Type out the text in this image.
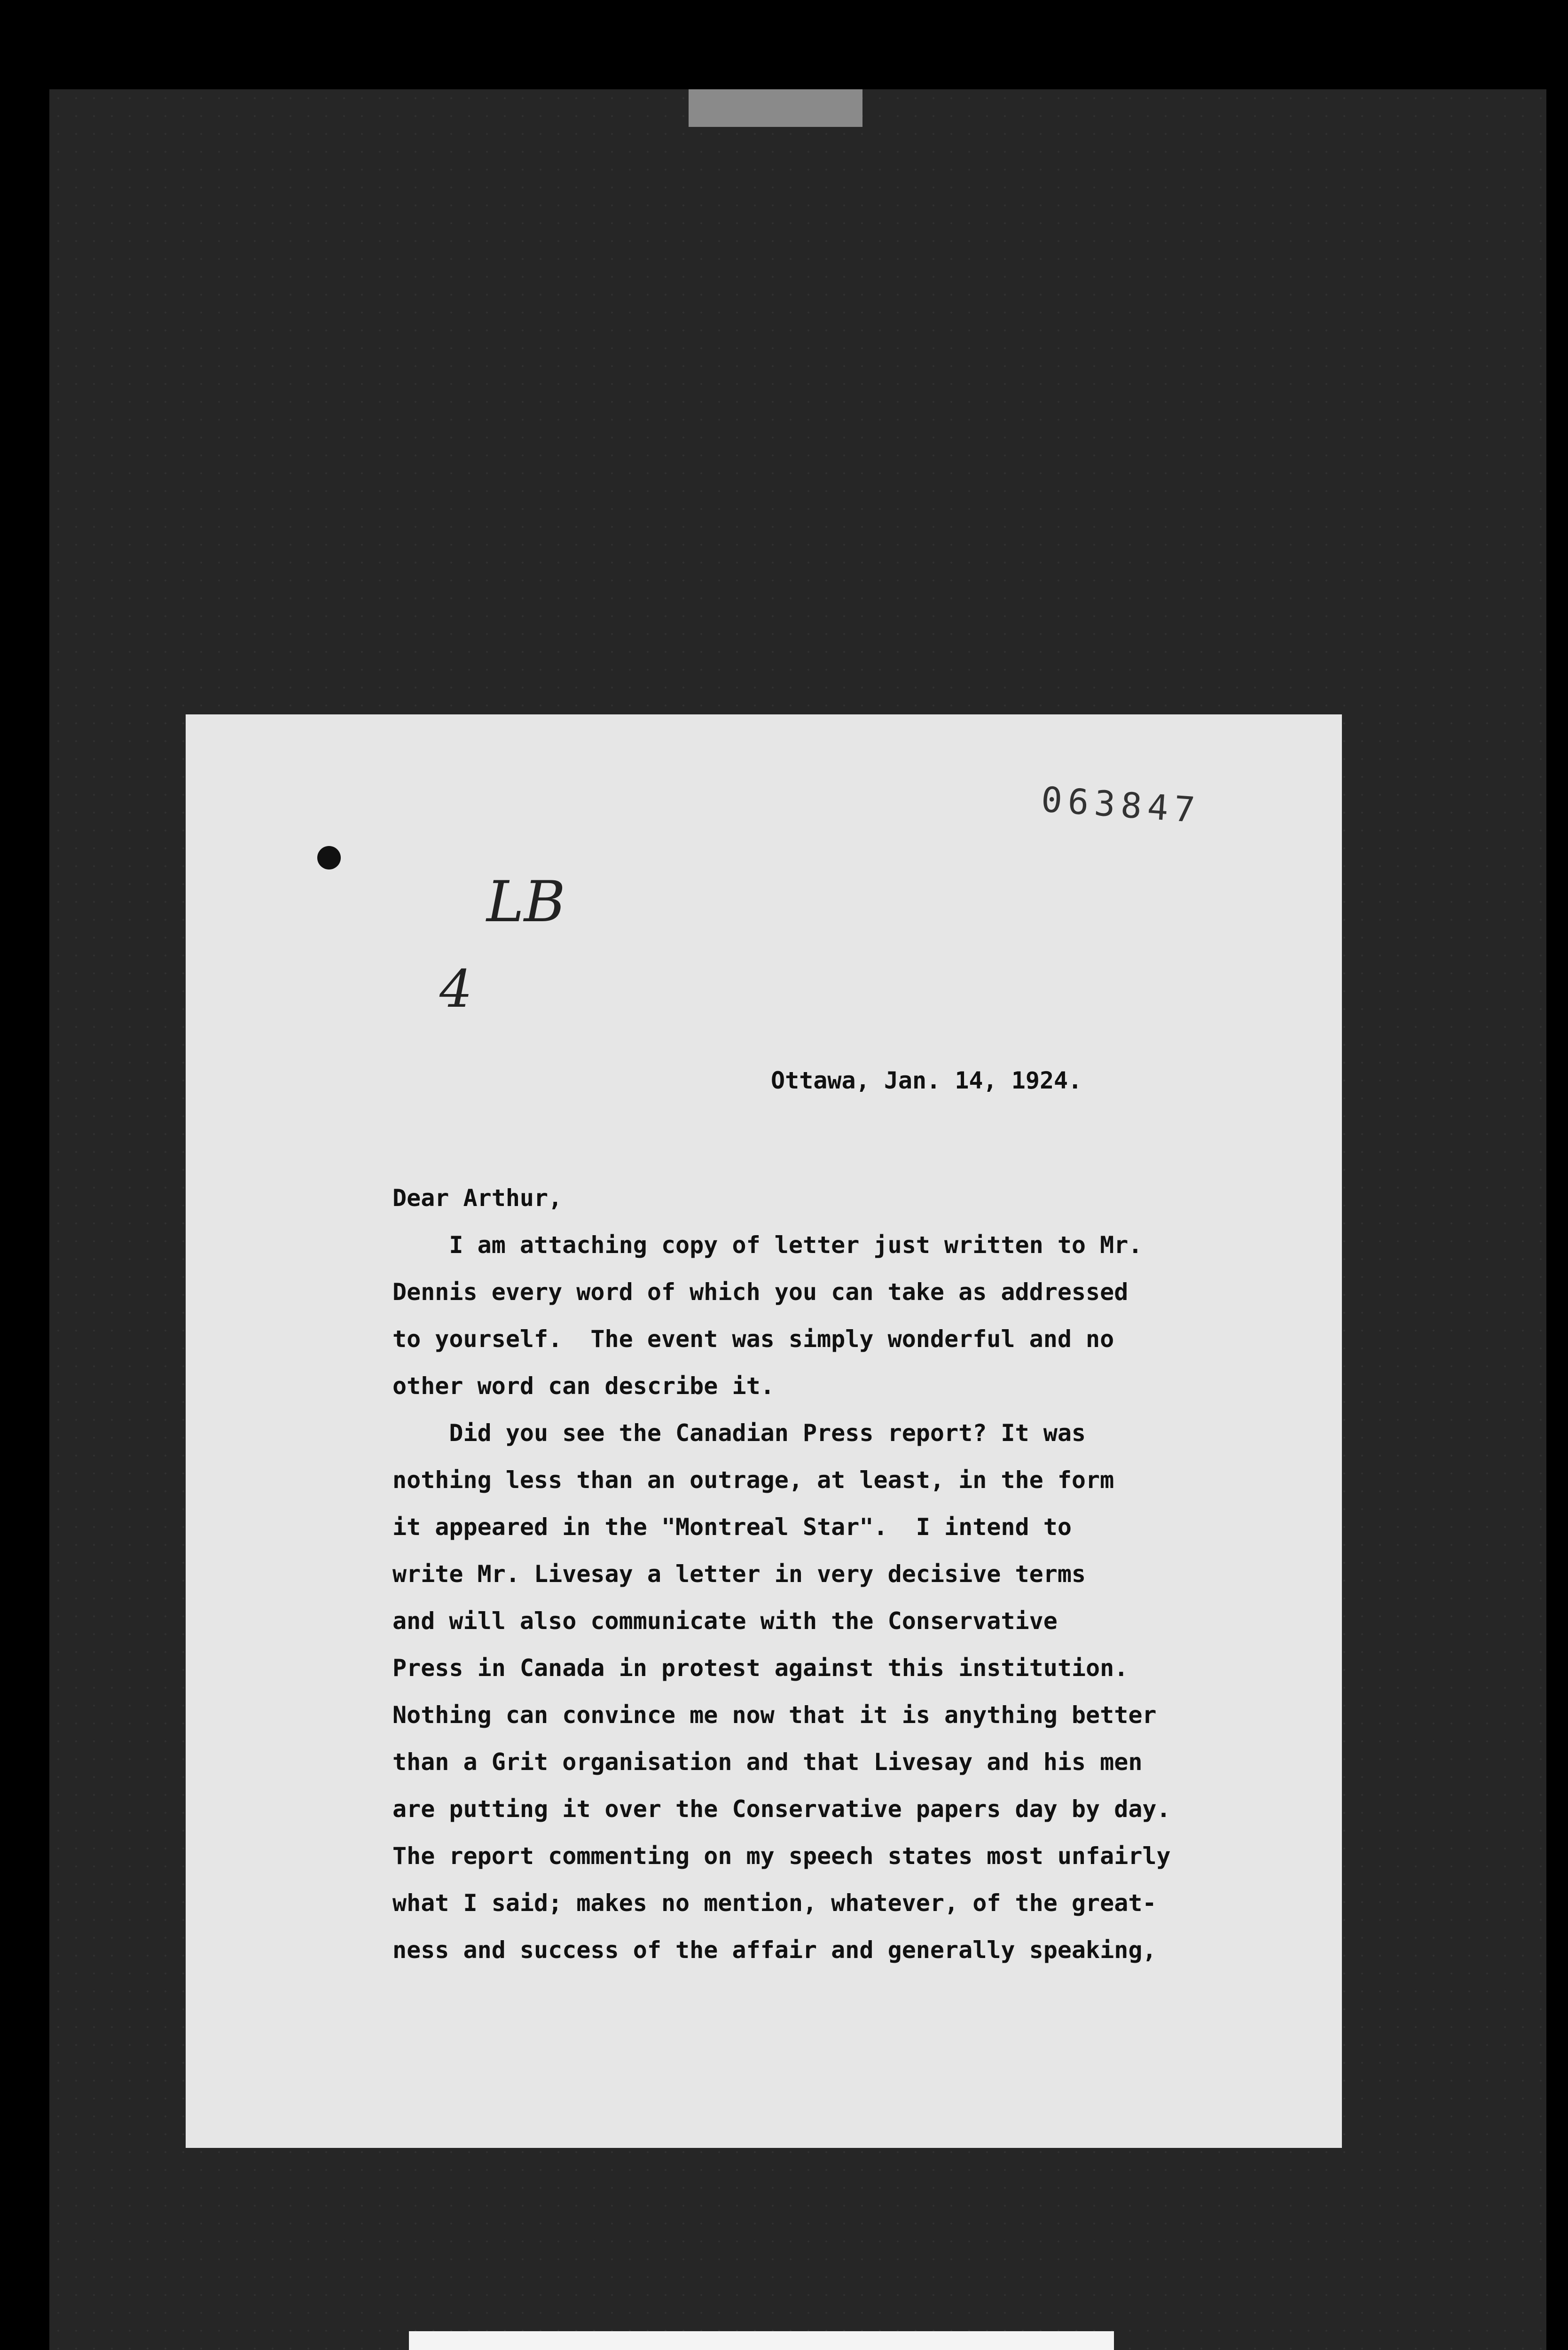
063847
LB
4
Ottawa, Jan. 14, 1924.
Dear Arthur,
I am attaching copy of letter just written to Mr.
Dennis every word of which you can take as addressed
to yourself.  The event was simply wonderful and no
other word can describe it.
Did you see the Canadian Press report? It was
nothing less than an outrage, at least, in the form
it appeared in the "Montreal Star".  I intend to
write Mr. Livesay a letter in very decisive terms
and will also communicate with the Conservative
Press in Canada in protest against this institution.
Nothing can convince me now that it is anything better
than a Grit organisation and that Livesay and his men
are putting it over the Conservative papers day by day.
The report commenting on my speech states most unfairly
what I said; makes no mention, whatever, of the great-
ness and success of the affair and generally speaking,
